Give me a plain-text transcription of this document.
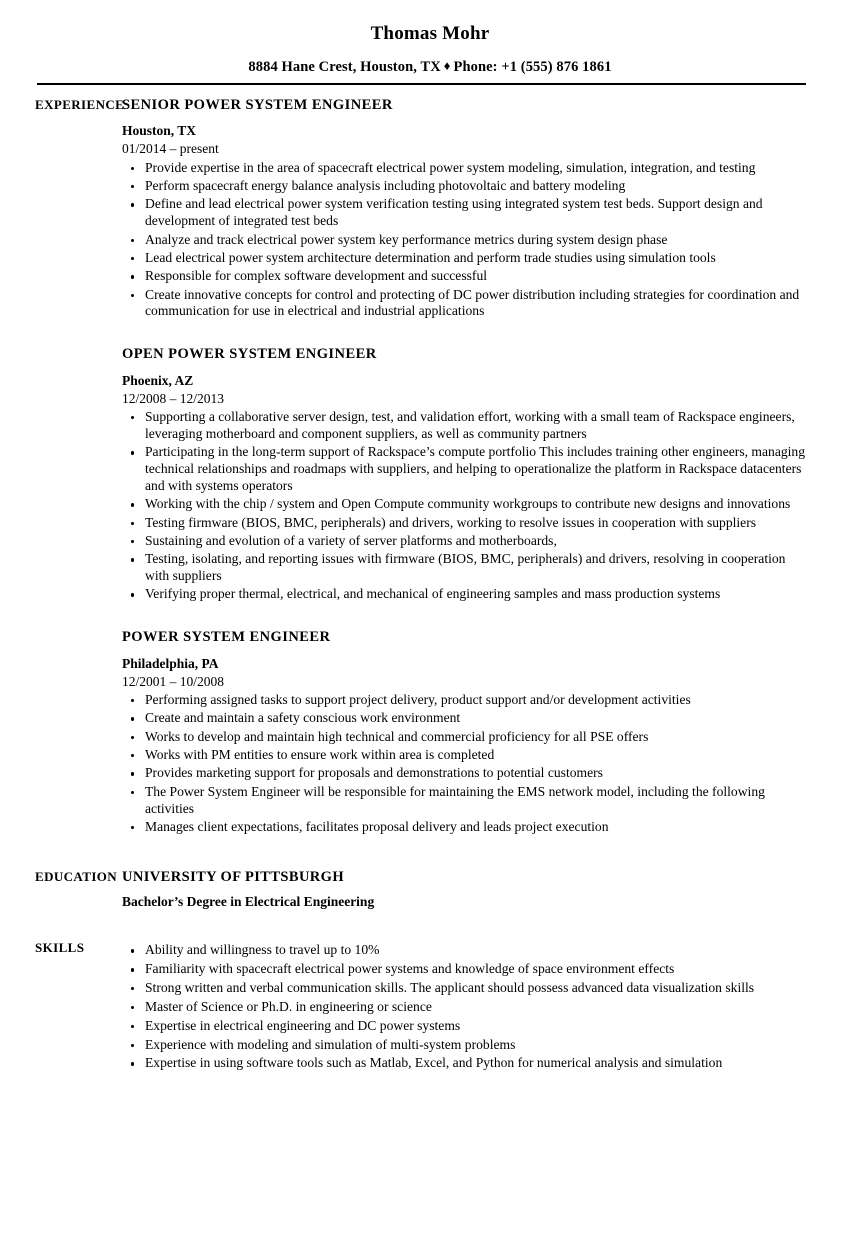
Thomas Mohr
8884 Hane Crest, Houston, TX ♦ Phone: +1 (555) 876 1861
EXPERIENCE
SENIOR POWER SYSTEM ENGINEER
Houston, TX
01/2014 – present
Provide expertise in the area of spacecraft electrical power system modeling, simulation, integration, and testing
Perform spacecraft energy balance analysis including photovoltaic and battery modeling
Define and lead electrical power system verification testing using integrated system test beds. Support design and development of integrated test beds
Analyze and track electrical power system key performance metrics during system design phase
Lead electrical power system architecture determination and perform trade studies using simulation tools
Responsible for complex software development and successful
Create innovative concepts for control and protecting of DC power distribution including strategies for coordination and communication for use in electrical and industrial applications
OPEN POWER SYSTEM ENGINEER
Phoenix, AZ
12/2008 – 12/2013
Supporting a collaborative server design, test, and validation effort, working with a small team of Rackspace engineers, leveraging motherboard and component suppliers, as well as community partners
Participating in the long-term support of Rackspace’s compute portfolio This includes training other engineers, managing technical relationships and roadmaps with suppliers, and helping to operationalize the platform in Rackspace datacenters and with systems operators
Working with the chip / system and Open Compute community workgroups to contribute new designs and innovations
Testing firmware (BIOS, BMC, peripherals) and drivers, working to resolve issues in cooperation with suppliers
Sustaining and evolution of a variety of server platforms and motherboards,
Testing, isolating, and reporting issues with firmware (BIOS, BMC, peripherals) and drivers, resolving in cooperation with suppliers
Verifying proper thermal, electrical, and mechanical of engineering samples and mass production systems
POWER SYSTEM ENGINEER
Philadelphia, PA
12/2001 – 10/2008
Performing assigned tasks to support project delivery, product support and/or development activities
Create and maintain a safety conscious work environment
Works to develop and maintain high technical and commercial proficiency for all PSE offers
Works with PM entities to ensure work within area is completed
Provides marketing support for proposals and demonstrations to potential customers
The Power System Engineer will be responsible for maintaining the EMS network model, including the following activities
Manages client expectations, facilitates proposal delivery and leads project execution
EDUCATION UNIVERSITY OF PITTSBURGH
Bachelor’s Degree in Electrical Engineering
SKILLS	Ability and willingness to travel up to 10%
Familiarity with spacecraft electrical power systems and knowledge of space environment effects
Strong written and verbal communication skills. The applicant should possess advanced data visualization skills
Master of Science or Ph.D. in engineering or science
Expertise in electrical engineering and DC power systems
Experience with modeling and simulation of multi-system problems
Expertise in using software tools such as Matlab, Excel, and Python for numerical analysis and simulation
